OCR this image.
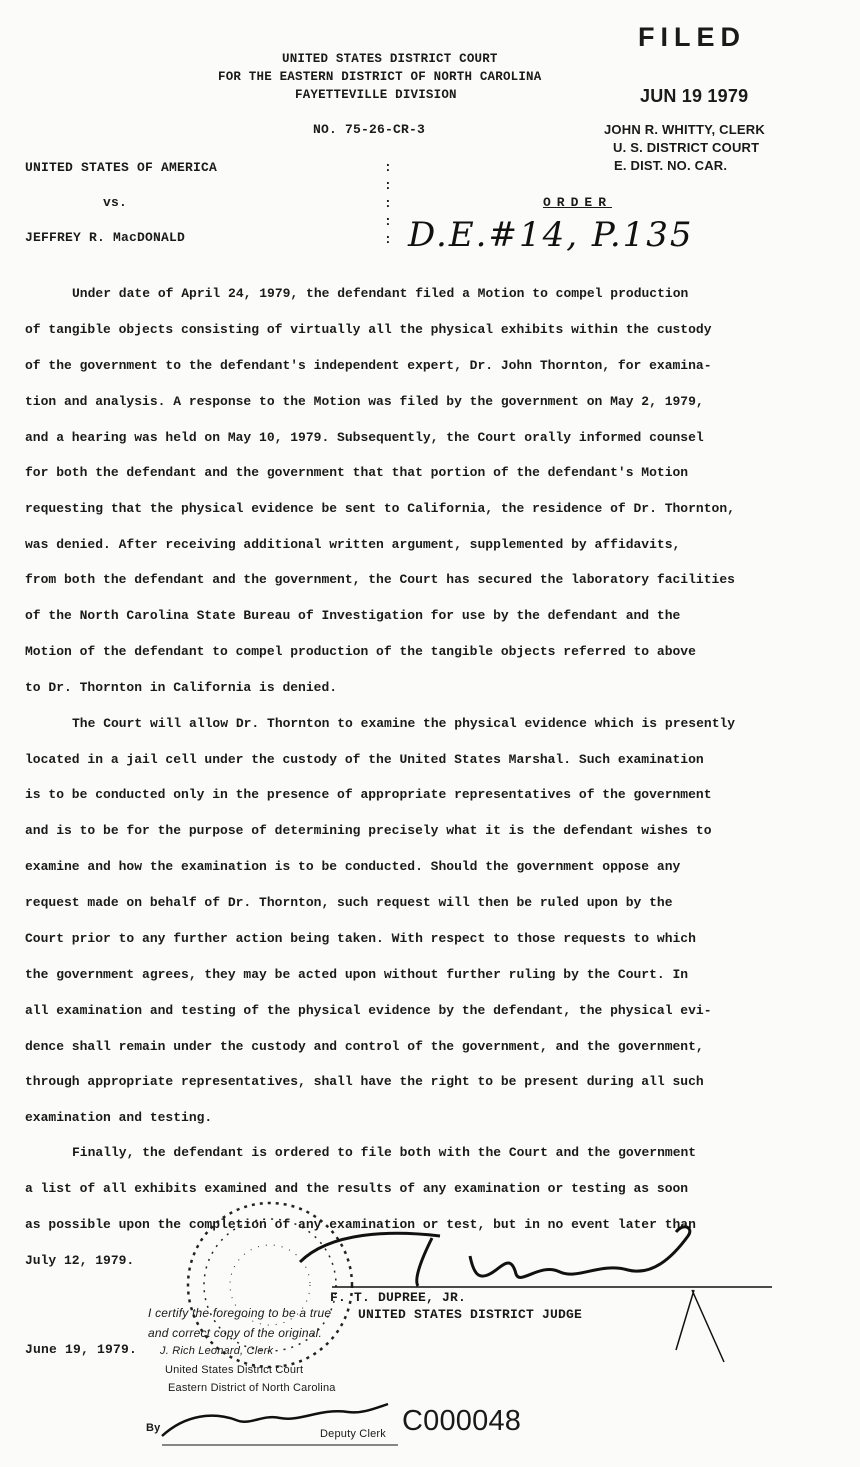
FILED
JUN 19 1979
JOHN R. WHITTY, CLERK
U. S. DISTRICT COURT
E. DIST. NO. CAR.
UNITED STATES DISTRICT COURT
FOR THE EASTERN DISTRICT OF NORTH CAROLINA
FAYETTEVILLE DIVISION
NO. 75-26-CR-3
UNITED STATES OF AMERICA
vs.
JEFFREY R. MacDONALD
:
:
:
:
:
ORDER
D.E.#14, P.135
Under date of April 24, 1979, the defendant filed a Motion to compel production
of tangible objects consisting of virtually all the physical exhibits within the custody
of the government to the defendant's independent expert, Dr. John Thornton, for examina-
tion and analysis. A response to the Motion was filed by the government on May 2, 1979,
and a hearing was held on May 10, 1979. Subsequently, the Court orally informed counsel
for both the defendant and the government that that portion of the defendant's Motion
requesting that the physical evidence be sent to California, the residence of Dr. Thornton,
was denied. After receiving additional written argument, supplemented by affidavits,
from both the defendant and the government, the Court has secured the laboratory facilities
of the North Carolina State Bureau of Investigation for use by the defendant and the
Motion of the defendant to compel production of the tangible objects referred to above
to Dr. Thornton in California is denied.
The Court will allow Dr. Thornton to examine the physical evidence which is presently
located in a jail cell under the custody of the United States Marshal. Such examination
is to be conducted only in the presence of appropriate representatives of the government
and is to be for the purpose of determining precisely what it is the defendant wishes to
examine and how the examination is to be conducted. Should the government oppose any
request made on behalf of Dr. Thornton, such request will then be ruled upon by the
Court prior to any further action being taken. With respect to those requests to which
the government agrees, they may be acted upon without further ruling by the Court. In
all examination and testing of the physical evidence by the defendant, the physical evi-
dence shall remain under the custody and control of the government, and the government,
through appropriate representatives, shall have the right to be present during all such
examination and testing.
Finally, the defendant is ordered to file both with the Court and the government
a list of all exhibits examined and the results of any examination or testing as soon
as possible upon the completion of any examination or test, but in no event later than
July 12, 1979.
F. T. DUPREE, JR.
UNITED STATES DISTRICT JUDGE
June 19, 1979.
I certify the foregoing to be a true
and correct copy of the original.
J. Rich Leonard, Clerk
United States District Court
Eastern District of North Carolina
By	Deputy Clerk C000048
